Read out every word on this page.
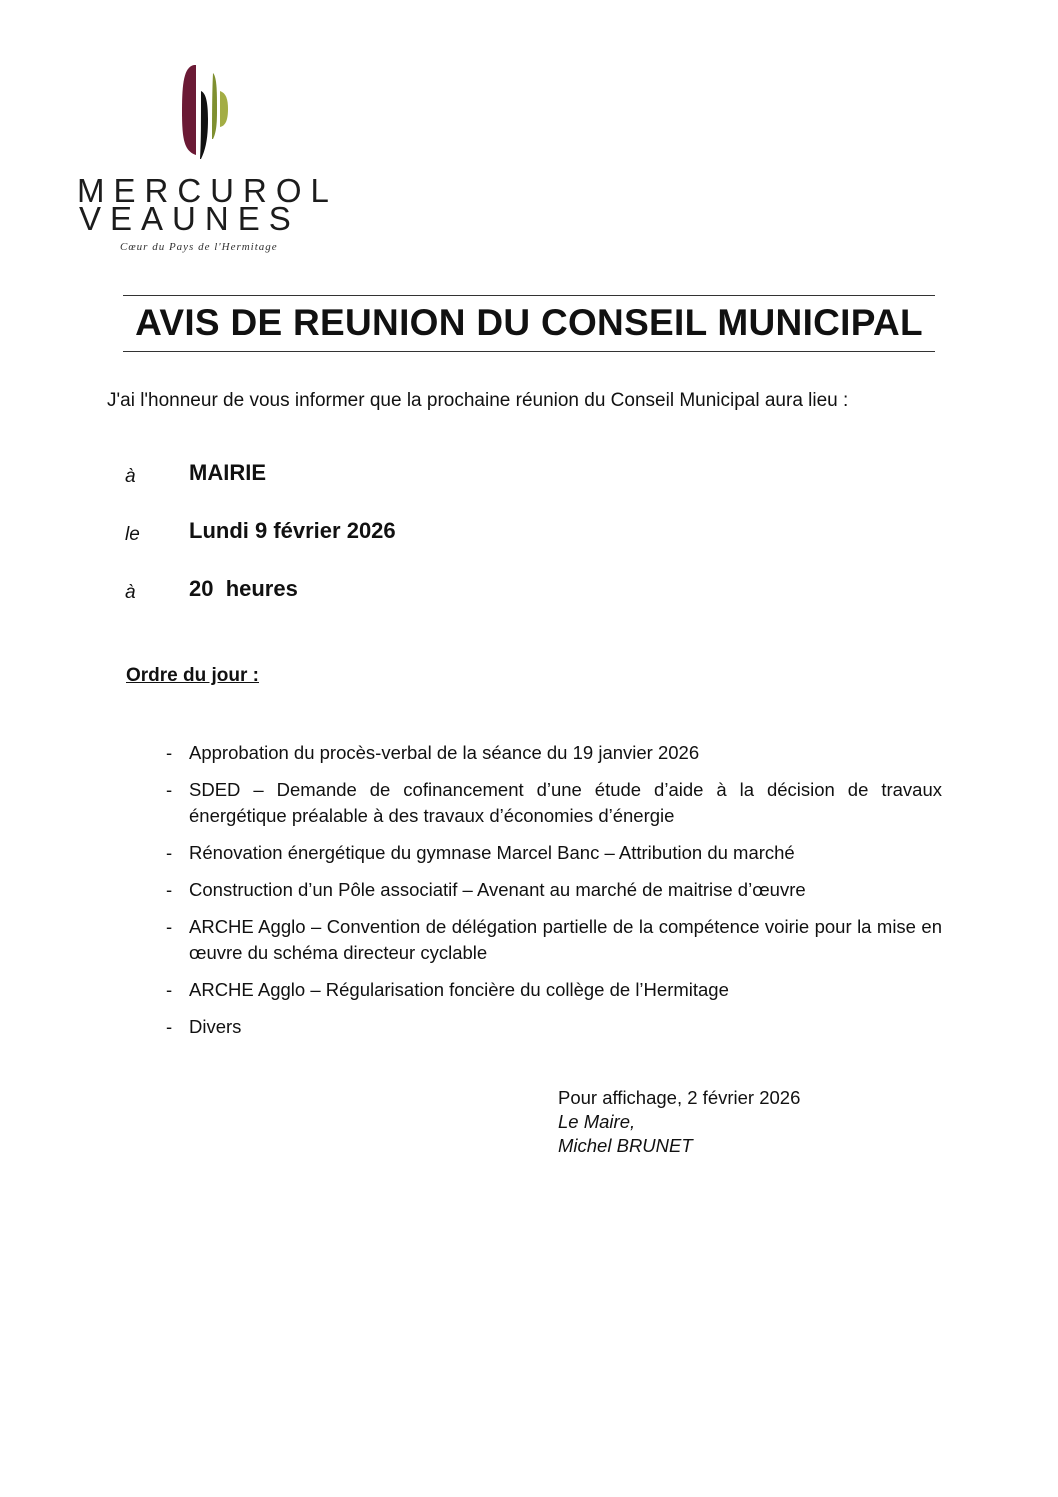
MERCUROL
VEAUNES
Cœur du Pays de l'Hermitage
AVIS DE REUNION DU CONSEIL MUNICIPAL
J'ai l'honneur de vous informer que la prochaine réunion du Conseil Municipal aura lieu :
à	MAIRIE
le	Lundi 9 février 2026
à	20  heures
Ordre du jour :
- Approbation du procès-verbal de la séance du 19 janvier 2026
- SDED – Demande de cofinancement d’une étude d’aide à la décision de travaux énergétique préalable à des travaux d’économies d’énergie
- Rénovation énergétique du gymnase Marcel Banc – Attribution du marché
- Construction d’un Pôle associatif – Avenant au marché de maitrise d’œuvre
- ARCHE Agglo – Convention de délégation partielle de la compétence voirie pour la mise en œuvre du schéma directeur cyclable
- ARCHE Agglo – Régularisation foncière du collège de l’Hermitage
- Divers
Pour affichage, 2 février 2026
Le Maire,
Michel BRUNET
